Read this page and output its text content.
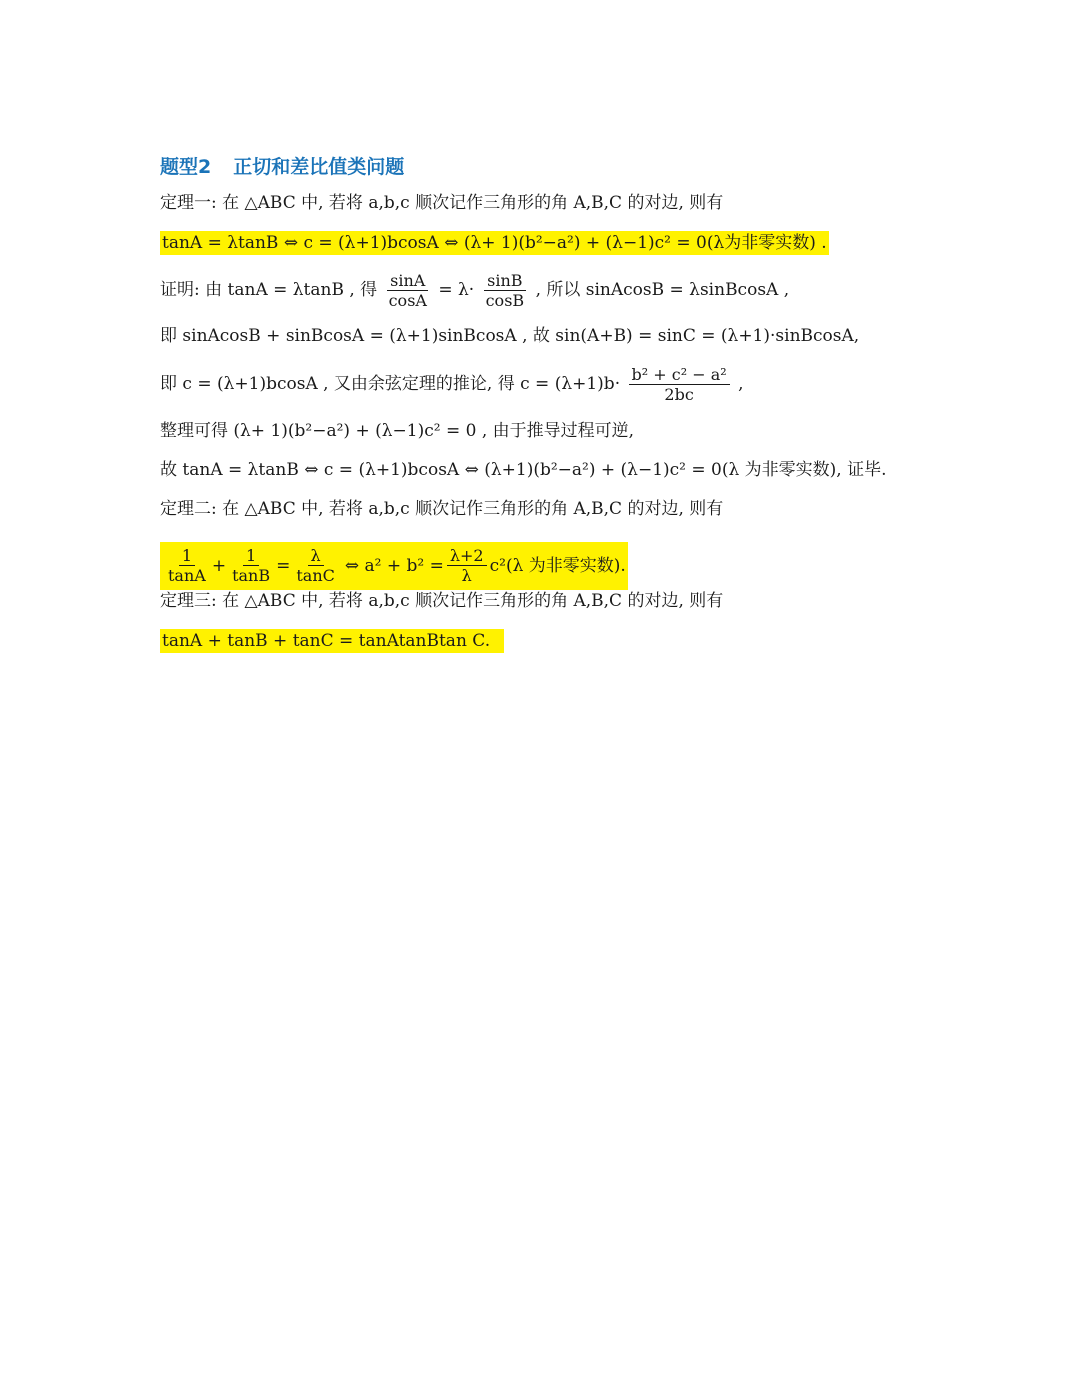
题型2 正切和差比值类问题
定理一: 在 △ABC 中, 若将 a,b,c 顺次记作三角形的角 A,B,C 的对边, 则有
tanA = λtanB ⇔ c = (λ+1)bcosA ⇔ (λ+ 1)(b²−a²) + (λ−1)c² = 0(λ为非零实数) .
证明: 由 tanA = λtanB , 得 $\frac{\sin A}{\cos A} = \lambda\cdot \frac{\sin B}{\cos B}$ , 所以 sinAcosB = λsinBcosA ,
即 sinAcosB + sinBcosA = (λ+1)sinBcosA , 故 sin(A+B) = sinC = (λ+1)·sinBcosA,
即 c = (λ+1)bcosA , 又由余弦定理的推论, 得 $c = (\lambda+1)b\cdot \frac{\text{b² + c² − a²}}{2bc}$ ,
整理可得 (λ+ 1)(b²−a²) + (λ−1)c² = 0 , 由于推导过程可逆,
故 tanA = λtanB ⇔ c = (λ+1)bcosA ⇔ (λ+1)(b²−a²) + (λ−1)c² = 0(λ 为非零实数), 证毕.
定理二: 在 △ABC 中, 若将 a,b,c 顺次记作三角形的角 A,B,C 的对边, 则有
$\frac{1}{\tan A} + \frac{1}{\tan B} = \frac{\lambda}{\tan C}$ ⇔ $a^2 + b^2 = \frac{\lambda+2}{\lambda} c^2(\lambda$ 为非零实数).
定理三: 在 △ABC 中, 若将 a,b,c 顺次记作三角形的角 A,B,C 的对边, 则有
tanA + tanB + tanC = tanAtanBtan C.
